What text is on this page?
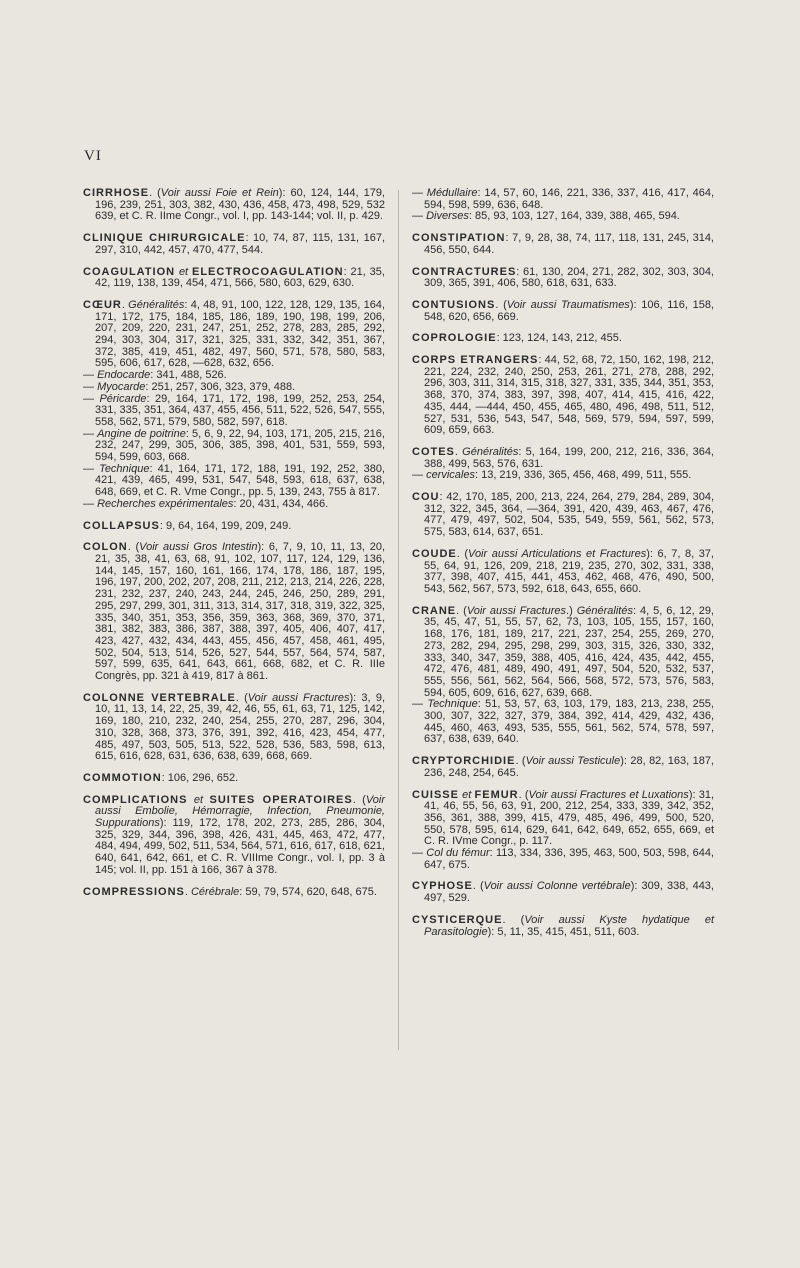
VI

CIRRHOSE. (Voir aussi Foie et Rein): 60, 124, 144, 179, 196, 239, 251, 303, 382, 430, 436, 458, 473, 498, 529, 532 639, et C. R. IIme Congr., vol. I, pp. 143-144; vol. II, p. 429.

CLINIQUE CHIRURGICALE: 10, 74, 87, 115, 131, 167, 297, 310, 442, 457, 470, 477, 544.

COAGULATION et ELECTROCOAGULATION: 21, 35, 42, 119, 138, 139, 454, 471, 566, 580, 603, 629, 630.

CŒUR. Généralités: 4, 48, 91, 100, 122, 128, 129, 135, 164, 171, 172, 175, 184, 185, 186, 189, 190, 198, 199, 206, 207, 209, 220, 231, 247, 251, 252, 278, 283, 285, 292, 294, 303, 304, 317, 321, 325, 331, 332, 342, 351, 367, 372, 385, 419, 451, 482, 497, 560, 571, 578, 580, 583, 595, 606, 617, 628, —628, 632, 656.

— Endocarde: 341, 488, 526.

— Myocarde: 251, 257, 306, 323, 379, 488.

— Péricarde: 29, 164, 171, 172, 198, 199, 252, 253, 254, 331, 335, 351, 364, 437, 455, 456, 511, 522, 526, 547, 555, 558, 562, 571, 579, 580, 582, 597, 618.

— Angine de poitrine: 5, 6, 9, 22, 94, 103, 171, 205, 215, 216, 232, 247, 299, 305, 306, 385, 398, 401, 531, 559, 593, 594, 599, 603, 668.

— Technique: 41, 164, 171, 172, 188, 191, 192, 252, 380, 421, 439, 465, 499, 531, 547, 548, 593, 618, 637, 638, 648, 669, et C. R. Vme Congr., pp. 5, 139, 243, 755 à 817.

— Recherches expérimentales: 20, 431, 434, 466.

COLLAPSUS: 9, 64, 164, 199, 209, 249.

COLON. (Voir aussi Gros Intestin): 6, 7, 9, 10, 11, 13, 20, 21, 35, 38, 41, 63, 68, 91, 102, 107, 117, 124, 129, 136, 144, 145, 157, 160, 161, 166, 174, 178, 186, 187, 195, 196, 197, 200, 202, 207, 208, 211, 212, 213, 214, 226, 228, 231, 232, 237, 240, 243, 244, 245, 246, 250, 289, 291, 295, 297, 299, 301, 311, 313, 314, 317, 318, 319, 322, 325, 335, 340, 351, 353, 356, 359, 363, 368, 369, 370, 371, 381, 382, 383, 386, 387, 388, 397, 405, 406, 407, 417, 423, 427, 432, 434, 443, 455, 456, 457, 458, 461, 495, 502, 504, 513, 514, 526, 527, 544, 557, 564, 574, 587, 597, 599, 635, 641, 643, 661, 668, 682, et C. R. IIIe Congrès, pp. 321 à 419, 817 à 861.

COLONNE VERTEBRALE. (Voir aussi Fractures): 3, 9, 10, 11, 13, 14, 22, 25, 39, 42, 46, 55, 61, 63, 71, 125, 142, 169, 180, 210, 232, 240, 254, 255, 270, 287, 296, 304, 310, 328, 368, 373, 376, 391, 392, 416, 423, 454, 477, 485, 497, 503, 505, 513, 522, 528, 536, 583, 598, 613, 615, 616, 628, 631, 636, 638, 639, 668, 669.

COMMOTION: 106, 296, 652.

COMPLICATIONS et SUITES OPERATOIRES. (Voir aussi Embolie, Hémorragie, Infection, Pneumonie, Suppurations): 119, 172, 178, 202, 273, 285, 286, 304, 325, 329, 344, 396, 398, 426, 431, 445, 463, 472, 477, 484, 494, 499, 502, 511, 534, 564, 571, 616, 617, 618, 621, 640, 641, 642, 661, et C. R. VIIIme Congr., vol. I, pp. 3 à 145; vol. II, pp. 151 à 166, 367 à 378.

COMPRESSIONS. Cérébrale: 59, 79, 574, 620, 648, 675.

— Médullaire: 14, 57, 60, 146, 221, 336, 337, 416, 417, 464, 594, 598, 599, 636, 648.

— Diverses: 85, 93, 103, 127, 164, 339, 388, 465, 594.

CONSTIPATION: 7, 9, 28, 38, 74, 117, 118, 131, 245, 314, 456, 550, 644.

CONTRACTURES: 61, 130, 204, 271, 282, 302, 303, 304, 309, 365, 391, 406, 580, 618, 631, 633.

CONTUSIONS. (Voir aussi Traumatismes): 106, 116, 158, 548, 620, 656, 669.

COPROLOGIE: 123, 124, 143, 212, 455.

CORPS ETRANGERS: 44, 52, 68, 72, 150, 162, 198, 212, 221, 224, 232, 240, 250, 253, 261, 271, 278, 288, 292, 296, 303, 311, 314, 315, 318, 327, 331, 335, 344, 351, 353, 368, 370, 374, 383, 397, 398, 407, 414, 415, 416, 422, 435, 444, —444, 450, 455, 465, 480, 496, 498, 511, 512, 527, 531, 536, 543, 547, 548, 569, 579, 594, 597, 599, 609, 659, 663.

COTES. Généralités: 5, 164, 199, 200, 212, 216, 336, 364, 388, 499, 563, 576, 631.

— cervicales: 13, 219, 336, 365, 456, 468, 499, 511, 555.

COU: 42, 170, 185, 200, 213, 224, 264, 279, 284, 289, 304, 312, 322, 345, 364, —364, 391, 420, 439, 463, 467, 476, 477, 479, 497, 502, 504, 535, 549, 559, 561, 562, 573, 575, 583, 614, 637, 651.

COUDE. (Voir aussi Articulations et Fractures): 6, 7, 8, 37, 55, 64, 91, 126, 209, 218, 219, 235, 270, 302, 331, 338, 377, 398, 407, 415, 441, 453, 462, 468, 476, 490, 500, 543, 562, 567, 573, 592, 618, 643, 655, 660.

CRANE. (Voir aussi Fractures.) Généralités: 4, 5, 6, 12, 29, 35, 45, 47, 51, 55, 57, 62, 73, 103, 105, 155, 157, 160, 168, 176, 181, 189, 217, 221, 237, 254, 255, 269, 270, 273, 282, 294, 295, 298, 299, 303, 315, 326, 330, 332, 333, 340, 347, 359, 388, 405, 416, 424, 435, 442, 455, 472, 476, 481, 489, 490, 491, 497, 504, 520, 532, 537, 555, 556, 561, 562, 564, 566, 568, 572, 573, 576, 583, 594, 605, 609, 616, 627, 639, 668.

— Technique: 51, 53, 57, 63, 103, 179, 183, 213, 238, 255, 300, 307, 322, 327, 379, 384, 392, 414, 429, 432, 436, 445, 460, 463, 493, 535, 555, 561, 562, 574, 578, 597, 637, 638, 639, 640.

CRYPTORCHIDIE. (Voir aussi Testicule): 28, 82, 163, 187, 236, 248, 254, 645.

CUISSE et FEMUR. (Voir aussi Fractures et Luxations): 31, 41, 46, 55, 56, 63, 91, 200, 212, 254, 333, 339, 342, 352, 356, 361, 388, 399, 415, 479, 485, 496, 499, 500, 520, 550, 578, 595, 614, 629, 641, 642, 649, 652, 655, 669, et C. R. IVme Congr., p. 117.

— Col du fémur: 113, 334, 336, 395, 463, 500, 503, 598, 644, 647, 675.

CYPHOSE. (Voir aussi Colonne vertébrale): 309, 338, 443, 497, 529.

CYSTICERQUE. (Voir aussi Kyste hydatique et Parasitologie): 5, 11, 35, 415, 451, 511, 603.
